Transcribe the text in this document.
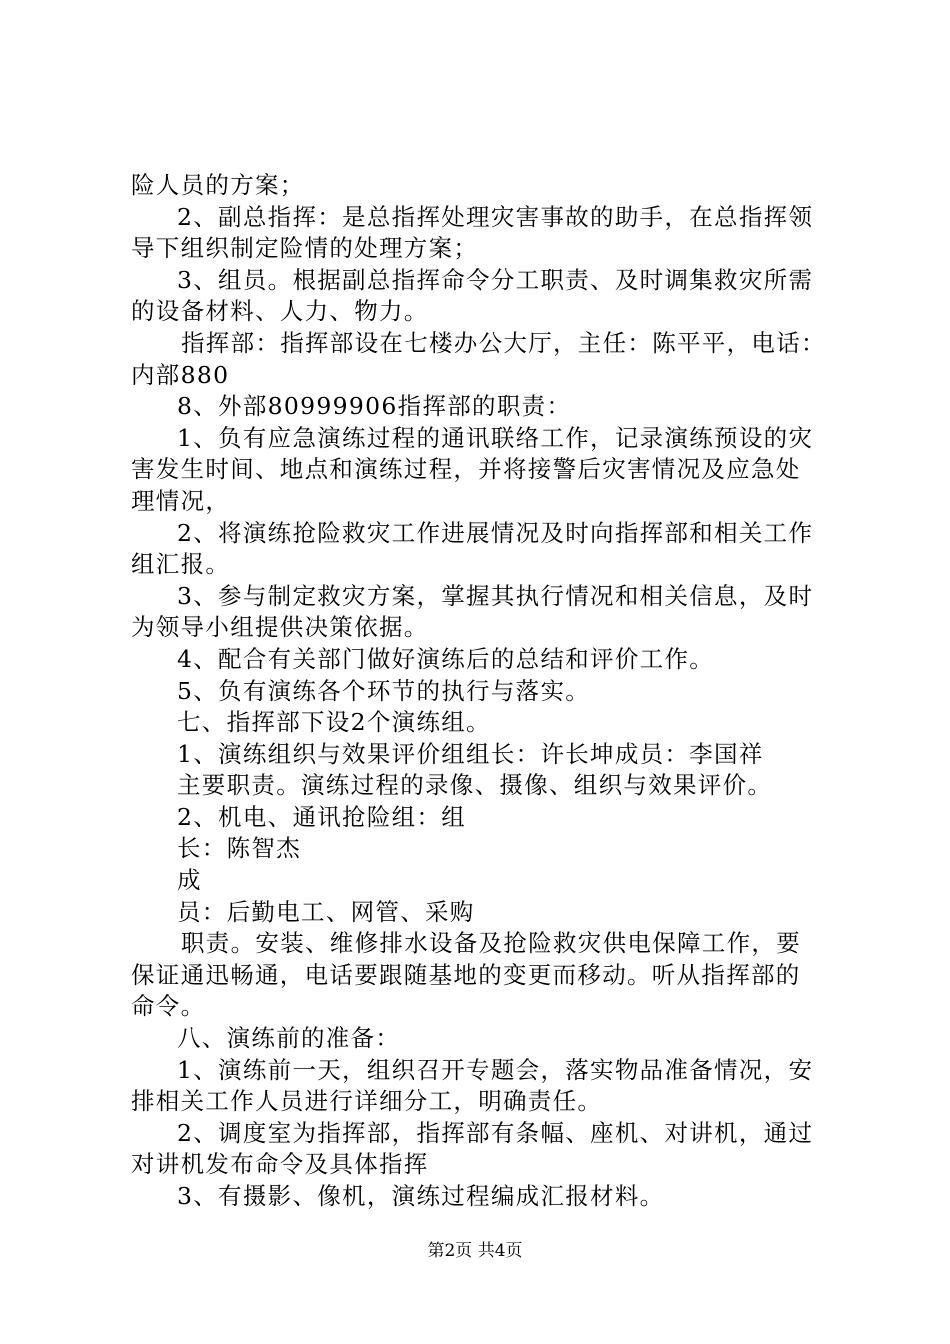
险人员的方案；
2、副总指挥：是总指挥处理灾害事故的助手，在总指挥领
导下组织制定险情的处理方案；
3、组员。根据副总指挥命令分工职责、及时调集救灾所需
的设备材料、人力、物力。
指挥部：指挥部设在七楼办公大厅，主任：陈平平，电话：
内部880
8、外部80999906指挥部的职责：
1、负有应急演练过程的通讯联络工作，记录演练预设的灾
害发生时间、地点和演练过程，并将接警后灾害情况及应急处
理情况，
2、将演练抢险救灾工作进展情况及时向指挥部和相关工作
组汇报。
3、参与制定救灾方案，掌握其执行情况和相关信息，及时
为领导小组提供决策依据。
4、配合有关部门做好演练后的总结和评价工作。
5、负有演练各个环节的执行与落实。
七、指挥部下设2个演练组。
1、演练组织与效果评价组组长：许长坤成员：李国祥
主要职责。演练过程的录像、摄像、组织与效果评价。
2、机电、通讯抢险组：组
长：陈智杰
成
员：后勤电工、网管、采购
职责。安装、维修排水设备及抢险救灾供电保障工作，要
保证通迅畅通，电话要跟随基地的变更而移动。听从指挥部的
命令。
八、演练前的准备：
1、演练前一天，组织召开专题会，落实物品准备情况，安
排相关工作人员进行详细分工，明确责任。
2、调度室为指挥部，指挥部有条幅、座机、对讲机，通过
对讲机发布命令及具体指挥
3、有摄影、像机，演练过程编成汇报材料。
第2页 共4页
